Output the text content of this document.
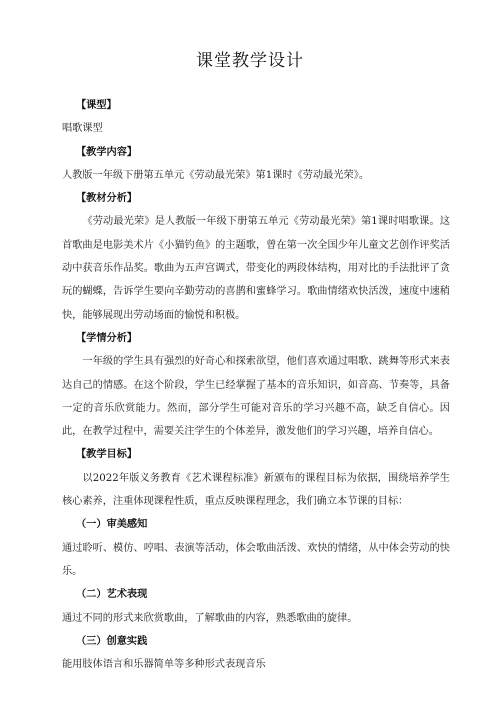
课堂教学设计

【课型】

唱歌课型

【教学内容】

人教版一年级下册第五单元《劳动最光荣》第1课时《劳动最光荣》。

【教材分析】

《劳动最光荣》是人教版一年级下册第五单元《劳动最光荣》第1课时唱歌课。这首歌曲是电影美术片《小猫钓鱼》的主题歌，曾在第一次全国少年儿童文艺创作评奖活动中获音乐作品奖。歌曲为五声宫调式，带变化的两段体结构，用对比的手法批评了贪玩的蝴蝶，告诉学生要向辛勤劳动的喜鹊和蜜蜂学习。歌曲情绪欢快活泼，速度中速稍快，能够展现出劳动场面的愉悦和积极。

【学情分析】

一年级的学生具有强烈的好奇心和探索欲望，他们喜欢通过唱歌、跳舞等形式来表达自己的情感。在这个阶段，学生已经掌握了基本的音乐知识，如音高、节奏等，具备一定的音乐欣赏能力。然而，部分学生可能对音乐的学习兴趣不高，缺乏自信心。因此，在教学过程中，需要关注学生的个体差异，激发他们的学习兴趣，培养自信心。

【教学目标】

以2022年版义务教育《艺术课程标准》新颁布的课程目标为依据，围绕培养学生核心素养，注重体现课程性质，重点反映课程理念，我们确立本节课的目标：

（一）审美感知

通过聆听、模仿、哼唱、表演等活动，体会歌曲活泼、欢快的情绪，从中体会劳动的快乐。

（二）艺术表现

通过不同的形式来欣赏歌曲，了解歌曲的内容，熟悉歌曲的旋律。

（三）创意实践

能用肢体语言和乐器简单等多种形式表现音乐
